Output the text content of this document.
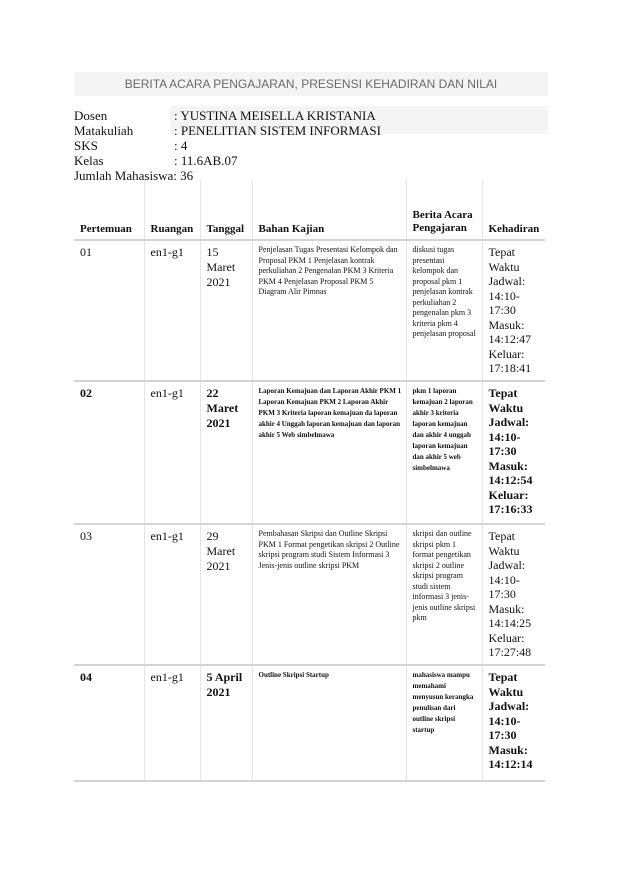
BERITA ACARA PENGAJARAN, PRESENSI KEHADIRAN DAN NILAI
Dosen	: YUSTINA MEISELLA KRISTANIA
Matakuliah	: PENELITIAN SISTEM INFORMASI
SKS	: 4
Kelas	: 11.6AB.07
Jumlah Mahasiswa : 36
Pertemuan	Ruangan	Tanggal	Bahan Kajian	Berita Acara Pengajaran	Kehadiran
01	en1-g1	15 Maret 2021	Penjelasan Tugas Presentasi Kelompok dan Proposal PKM 1 Penjelasan kontrak perkuliahan 2 Pengenalan PKM 3 Kriteria PKM 4 Penjelasan Proposal PKM 5 Diagram Alir Pimnas	diskusi tugas presentasi kelompok dan proposal pkm 1 penjelasan kontrak perkuliahan 2 pengenalan pkm 3 kriteria pkm 4 penjelasan proposal	Tepat Waktu Jadwal: 14:10-17:30 Masuk: 14:12:47 Keluar: 17:18:41
02	en1-g1	22 Maret 2021	Laporan Kemajuan dan Laporan Akhir PKM 1 Laporan Kemajuan PKM 2 Laporan Akhir PKM 3 Kriteria laporan kemajuan da laporan akhir 4 Unggah laporan kemajuan dan laporan akhir 5 Web simbelmawa	pkm 1 laporan kemajuan 2 laporan akhir 3 kriteria laporan kemajuan dan akhir 4 unggah laporan kemajuan dan akhir 5 web simbelmawa	Tepat Waktu Jadwal: 14:10-17:30 Masuk: 14:12:54 Keluar: 17:16:33
03	en1-g1	29 Maret 2021	Pembahasan Skripsi dan Outline Skripsi PKM 1 Format pengetikan skripsi 2 Outline skripsi program studi Sistem Informasi 3 Jenis-jenis outline skripsi PKM	skripsi dan outline skripsi pkm 1 format pengetikan skripsi 2 outline skripsi program studi sistem informasi 3 jenis-jenis outline skripsi pkm	Tepat Waktu Jadwal: 14:10-17:30 Masuk: 14:14:25 Keluar: 17:27:48
04	en1-g1	5 April 2021	Outline Skripsi Startup	mahasiswa mampu memahami menyusun kerangka penulisan dari outline skripsi startup	Tepat Waktu Jadwal: 14:10-17:30 Masuk: 14:12:14
